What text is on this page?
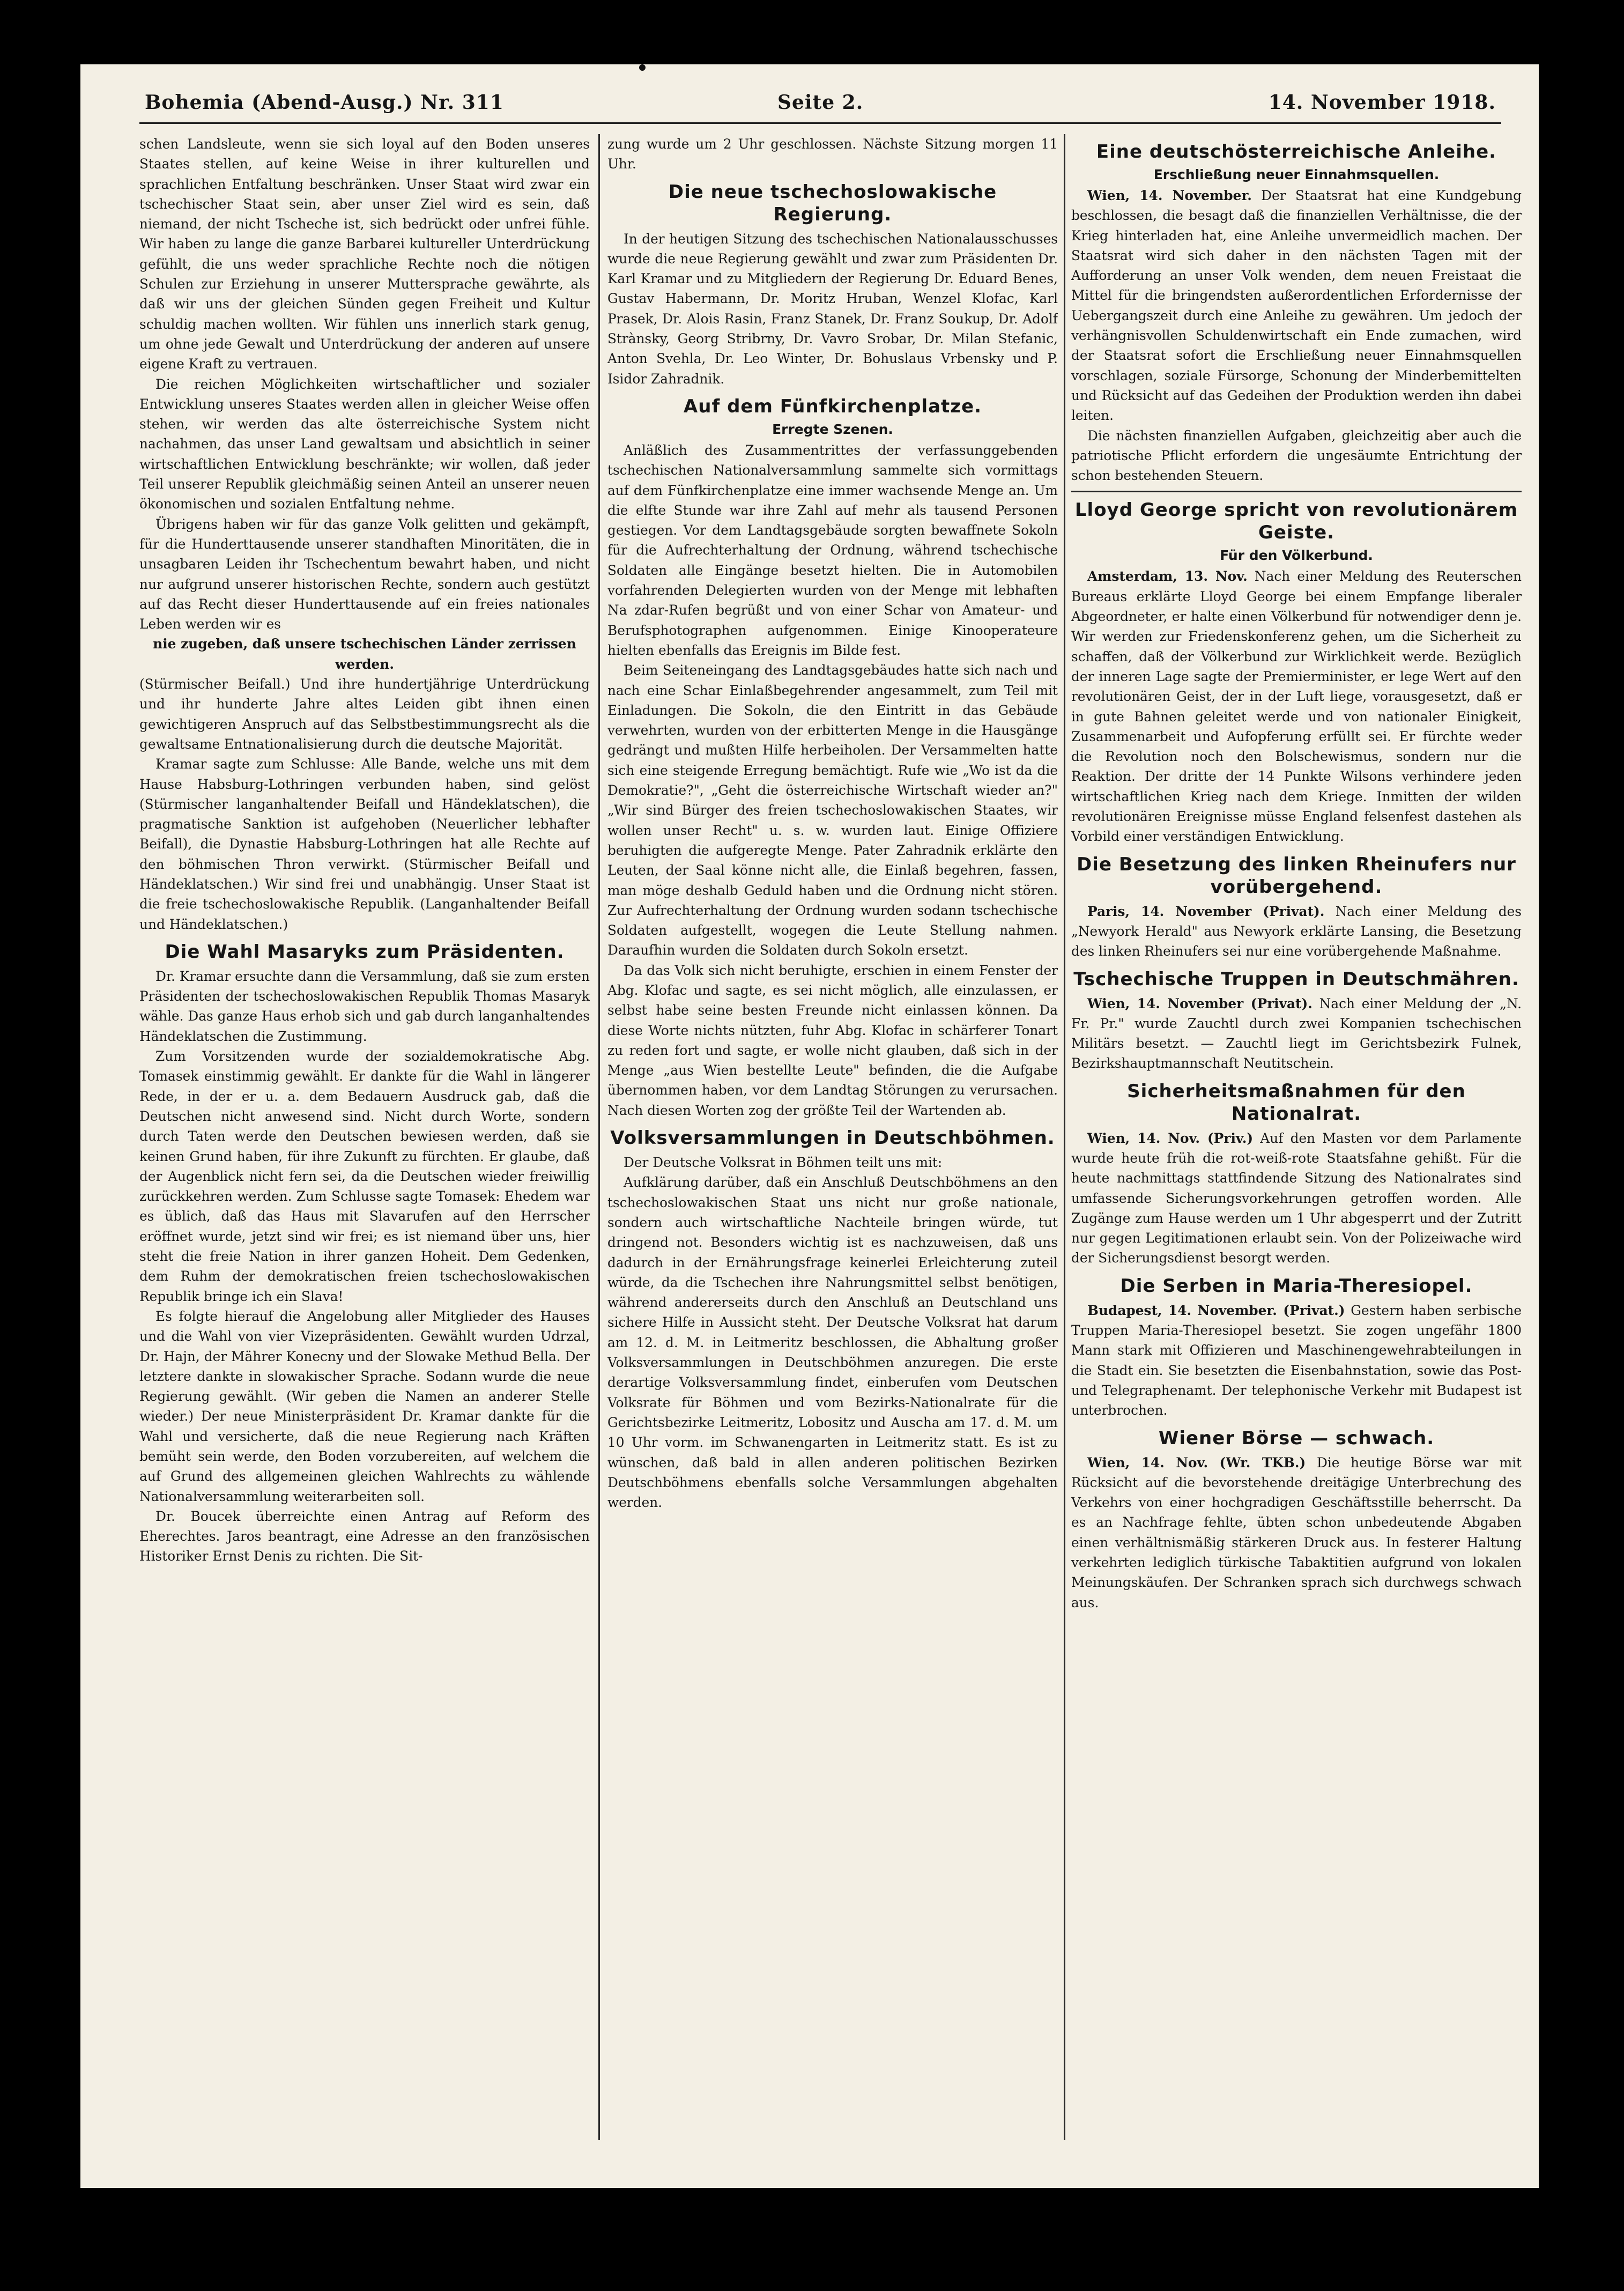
Bohemia (Abend-Ausg.) Nr. 311	Seite 2.	14. November 1918.

schen Landsleute, wenn sie sich loyal auf den Boden unseres Staates stellen, auf keine Weise in ihrer kulturellen und sprachlichen Entfaltung beschränken. Unser Staat wird zwar ein tschechischer Staat sein, aber unser Ziel wird es sein, daß niemand, der nicht Tscheche ist, sich bedrückt oder unfrei fühle. Wir haben zu lange die ganze Barbarei kultureller Unterdrückung gefühlt, die uns weder sprachliche Rechte noch die nötigen Schulen zur Erziehung in unserer Muttersprache gewährte, als daß wir uns der gleichen Sünden gegen Freiheit und Kultur schuldig machen wollten. Wir fühlen uns innerlich stark genug, um ohne jede Gewalt und Unterdrückung der anderen auf unsere eigene Kraft zu vertrauen.

Die reichen Möglichkeiten wirtschaftlicher und sozialer Entwicklung unseres Staates werden allen in gleicher Weise offen stehen, wir werden das alte österreichische System nicht nachahmen, das unser Land gewaltsam und absichtlich in seiner wirtschaftlichen Entwicklung beschränkte; wir wollen, daß jeder Teil unserer Republik gleichmäßig seinen Anteil an unserer neuen ökonomischen und sozialen Entfaltung nehme.

Übrigens haben wir für das ganze Volk gelitten und gekämpft, für die Hunderttausende unserer standhaften Minoritäten, die in unsagbaren Leiden ihr Tschechentum bewahrt haben, und nicht nur aufgrund unserer historischen Rechte, sondern auch gestützt auf das Recht dieser Hunderttausende auf ein freies nationales Leben werden wir es

nie zugeben, daß unsere tschechischen Länder zerrissen werden.

(Stürmischer Beifall.) Und ihre hundertjährige Unterdrückung und ihr hunderte Jahre altes Leiden gibt ihnen einen gewichtigeren Anspruch auf das Selbstbestimmungsrecht als die gewaltsame Entnationalisierung durch die deutsche Majorität.

Kramar sagte zum Schlusse: Alle Bande, welche uns mit dem Hause Habsburg-Lothringen verbunden haben, sind gelöst (Stürmischer langanhaltender Beifall und Händeklatschen), die pragmatische Sanktion ist aufgehoben (Neuerlicher lebhafter Beifall), die Dynastie Habsburg-Lothringen hat alle Rechte auf den böhmischen Thron verwirkt. (Stürmischer Beifall und Händeklatschen.) Wir sind frei und unabhängig. Unser Staat ist die freie tschechoslowakische Republik. (Langanhaltender Beifall und Händeklatschen.)

Die Wahl Masaryks zum Präsidenten.

Dr. Kramar ersuchte dann die Versammlung, daß sie zum ersten Präsidenten der tschechoslowakischen Republik Thomas Masaryk wähle. Das ganze Haus erhob sich und gab durch langanhaltendes Händeklatschen die Zustimmung.

Zum Vorsitzenden wurde der sozialdemokratische Abg. Tomasek einstimmig gewählt. Er dankte für die Wahl in längerer Rede, in der er u. a. dem Bedauern Ausdruck gab, daß die Deutschen nicht anwesend sind. Nicht durch Worte, sondern durch Taten werde den Deutschen bewiesen werden, daß sie keinen Grund haben, für ihre Zukunft zu fürchten. Er glaube, daß der Augenblick nicht fern sei, da die Deutschen wieder freiwillig zurückkehren werden. Zum Schlusse sagte Tomasek: Ehedem war es üblich, daß das Haus mit Slavarufen auf den Herrscher eröffnet wurde, jetzt sind wir frei; es ist niemand über uns, hier steht die freie Nation in ihrer ganzen Hoheit. Dem Gedenken, dem Ruhm der demokratischen freien tschechoslowakischen Republik bringe ich ein Slava!

Es folgte hierauf die Angelobung aller Mitglieder des Hauses und die Wahl von vier Vizepräsidenten. Gewählt wurden Udrzal, Dr. Hajn, der Mährer Konecny und der Slowake Methud Bella. Der letztere dankte in slowakischer Sprache. Sodann wurde die neue Regierung gewählt. (Wir geben die Namen an anderer Stelle wieder.) Der neue Ministerpräsident Dr. Kramar dankte für die Wahl und versicherte, daß die neue Regierung nach Kräften bemüht sein werde, den Boden vorzubereiten, auf welchem die auf Grund des allgemeinen gleichen Wahlrechts zu wählende Nationalversammlung weiterarbeiten soll.

Dr. Boucek überreichte einen Antrag auf Reform des Eherechtes. Jaros beantragt, eine Adresse an den französischen Historiker Ernst Denis zu richten. Die Sit-

zung wurde um 2 Uhr geschlossen. Nächste Sitzung morgen 11 Uhr.

Die neue tschechoslowakische Regierung.

In der heutigen Sitzung des tschechischen Nationalausschusses wurde die neue Regierung gewählt und zwar zum Präsidenten Dr. Karl Kramar und zu Mitgliedern der Regierung Dr. Eduard Benes, Gustav Habermann, Dr. Moritz Hruban, Wenzel Klofac, Karl Prasek, Dr. Alois Rasin, Franz Stanek, Dr. Franz Soukup, Dr. Adolf Strànsky, Georg Stribrny, Dr. Vavro Srobar, Dr. Milan Stefanic, Anton Svehla, Dr. Leo Winter, Dr. Bohuslaus Vrbensky und P. Isidor Zahradnik.

Auf dem Fünfkirchenplatze.
Erregte Szenen.

Anläßlich des Zusammentrittes der verfassunggebenden tschechischen Nationalversammlung sammelte sich vormittags auf dem Fünfkirchenplatze eine immer wachsende Menge an. Um die elfte Stunde war ihre Zahl auf mehr als tausend Personen gestiegen. Vor dem Landtagsgebäude sorgten bewaffnete Sokoln für die Aufrechterhaltung der Ordnung, während tschechische Soldaten alle Eingänge besetzt hielten. Die in Automobilen vorfahrenden Delegierten wurden von der Menge mit lebhaften Na zdar-Rufen begrüßt und von einer Schar von Amateur- und Berufsphotographen aufgenommen. Einige Kinooperateure hielten ebenfalls das Ereignis im Bilde fest.

Beim Seiteneingang des Landtagsgebäudes hatte sich nach und nach eine Schar Einlaßbegehrender angesammelt, zum Teil mit Einladungen. Die Sokoln, die den Eintritt in das Gebäude verwehrten, wurden von der erbitterten Menge in die Hausgänge gedrängt und mußten Hilfe herbeiholen. Der Versammelten hatte sich eine steigende Erregung bemächtigt. Rufe wie „Wo ist da die Demokratie?", „Geht die österreichische Wirtschaft wieder an?" „Wir sind Bürger des freien tschechoslowakischen Staates, wir wollen unser Recht" u. s. w. wurden laut. Einige Offiziere beruhigten die aufgeregte Menge. Pater Zahradnik erklärte den Leuten, der Saal könne nicht alle, die Einlaß begehren, fassen, man möge deshalb Geduld haben und die Ordnung nicht stören. Zur Aufrechterhaltung der Ordnung wurden sodann tschechische Soldaten aufgestellt, wogegen die Leute Stellung nahmen. Daraufhin wurden die Soldaten durch Sokoln ersetzt.

Da das Volk sich nicht beruhigte, erschien in einem Fenster der Abg. Klofac und sagte, es sei nicht möglich, alle einzulassen, er selbst habe seine besten Freunde nicht einlassen können. Da diese Worte nichts nützten, fuhr Abg. Klofac in schärferer Tonart zu reden fort und sagte, er wolle nicht glauben, daß sich in der Menge „aus Wien bestellte Leute" befinden, die die Aufgabe übernommen haben, vor dem Landtag Störungen zu verursachen. Nach diesen Worten zog der größte Teil der Wartenden ab.

Volksversammlungen in Deutschböhmen.

Der Deutsche Volksrat in Böhmen teilt uns mit:

Aufklärung darüber, daß ein Anschluß Deutschböhmens an den tschechoslowakischen Staat uns nicht nur große nationale, sondern auch wirtschaftliche Nachteile bringen würde, tut dringend not. Besonders wichtig ist es nachzuweisen, daß uns dadurch in der Ernährungsfrage keinerlei Erleichterung zuteil würde, da die Tschechen ihre Nahrungsmittel selbst benötigen, während andererseits durch den Anschluß an Deutschland uns sichere Hilfe in Aussicht steht. Der Deutsche Volksrat hat darum am 12. d. M. in Leitmeritz beschlossen, die Abhaltung großer Volksversammlungen in Deutschböhmen anzuregen. Die erste derartige Volksversammlung findet, einberufen vom Deutschen Volksrate für Böhmen und vom Bezirks-Nationalrate für die Gerichtsbezirke Leitmeritz, Lobositz und Auscha am 17. d. M. um 10 Uhr vorm. im Schwanengarten in Leitmeritz statt. Es ist zu wünschen, daß bald in allen anderen politischen Bezirken Deutschböhmens ebenfalls solche Versammlungen abgehalten werden.

Eine deutschösterreichische Anleihe.
Erschließung neuer Einnahmsquellen.

Wien, 14. November. Der Staatsrat hat eine Kundgebung beschlossen, die besagt daß die finanziellen Verhältnisse, die der Krieg hinterladen hat, eine Anleihe unvermeidlich machen. Der Staatsrat wird sich daher in den nächsten Tagen mit der Aufforderung an unser Volk wenden, dem neuen Freistaat die Mittel für die bringendsten außerordentlichen Erfordernisse der Uebergangszeit durch eine Anleihe zu gewähren. Um jedoch der verhängnisvollen Schuldenwirtschaft ein Ende zumachen, wird der Staatsrat sofort die Erschließung neuer Einnahmsquellen vorschlagen, soziale Fürsorge, Schonung der Minderbemittelten und Rücksicht auf das Gedeihen der Produktion werden ihn dabei leiten.

Die nächsten finanziellen Aufgaben, gleichzeitig aber auch die patriotische Pflicht erfordern die ungesäumte Entrichtung der schon bestehenden Steuern.

Lloyd George spricht von revolutionärem Geiste.
Für den Völkerbund.

Amsterdam, 13. Nov. Nach einer Meldung des Reuterschen Bureaus erklärte Lloyd George bei einem Empfange liberaler Abgeordneter, er halte einen Völkerbund für notwendiger denn je. Wir werden zur Friedenskonferenz gehen, um die Sicherheit zu schaffen, daß der Völkerbund zur Wirklichkeit werde. Bezüglich der inneren Lage sagte der Premierminister, er lege Wert auf den revolutionären Geist, der in der Luft liege, vorausgesetzt, daß er in gute Bahnen geleitet werde und von nationaler Einigkeit, Zusammenarbeit und Aufopferung erfüllt sei. Er fürchte weder die Revolution noch den Bolschewismus, sondern nur die Reaktion. Der dritte der 14 Punkte Wilsons verhindere jeden wirtschaftlichen Krieg nach dem Kriege. Inmitten der wilden revolutionären Ereignisse müsse England felsenfest dastehen als Vorbild einer verständigen Entwicklung.

Die Besetzung des linken Rheinufers nur vorübergehend.

Paris, 14. November (Privat). Nach einer Meldung des „Newyork Herald" aus Newyork erklärte Lansing, die Besetzung des linken Rheinufers sei nur eine vorübergehende Maßnahme.

Tschechische Truppen in Deutschmähren.

Wien, 14. November (Privat). Nach einer Meldung der „N. Fr. Pr." wurde Zauchtl durch zwei Kompanien tschechischen Militärs besetzt. — Zauchtl liegt im Gerichtsbezirk Fulnek, Bezirkshauptmannschaft Neutitschein.

Sicherheitsmaßnahmen für den Nationalrat.

Wien, 14. Nov. (Priv.) Auf den Masten vor dem Parlamente wurde heute früh die rot-weiß-rote Staatsfahne gehißt. Für die heute nachmittags stattfindende Sitzung des Nationalrates sind umfassende Sicherungsvorkehrungen getroffen worden. Alle Zugänge zum Hause werden um 1 Uhr abgesperrt und der Zutritt nur gegen Legitimationen erlaubt sein. Von der Polizeiwache wird der Sicherungsdienst besorgt werden.

Die Serben in Maria-Theresiopel.

Budapest, 14. November. (Privat.) Gestern haben serbische Truppen Maria-Theresiopel besetzt. Sie zogen ungefähr 1800 Mann stark mit Offizieren und Maschinengewehrabteilungen in die Stadt ein. Sie besetzten die Eisenbahnstation, sowie das Post- und Telegraphenamt. Der telephonische Verkehr mit Budapest ist unterbrochen.

Wiener Börse — schwach.

Wien, 14. Nov. (Wr. TKB.) Die heutige Börse war mit Rücksicht auf die bevorstehende dreitägige Unterbrechung des Verkehrs von einer hochgradigen Geschäftsstille beherrscht. Da es an Nachfrage fehlte, übten schon unbedeutende Abgaben einen verhältnismäßig stärkeren Druck aus. In festerer Haltung verkehrten lediglich türkische Tabaktitien aufgrund von lokalen Meinungskäufen. Der Schranken sprach sich durchwegs schwach aus.
